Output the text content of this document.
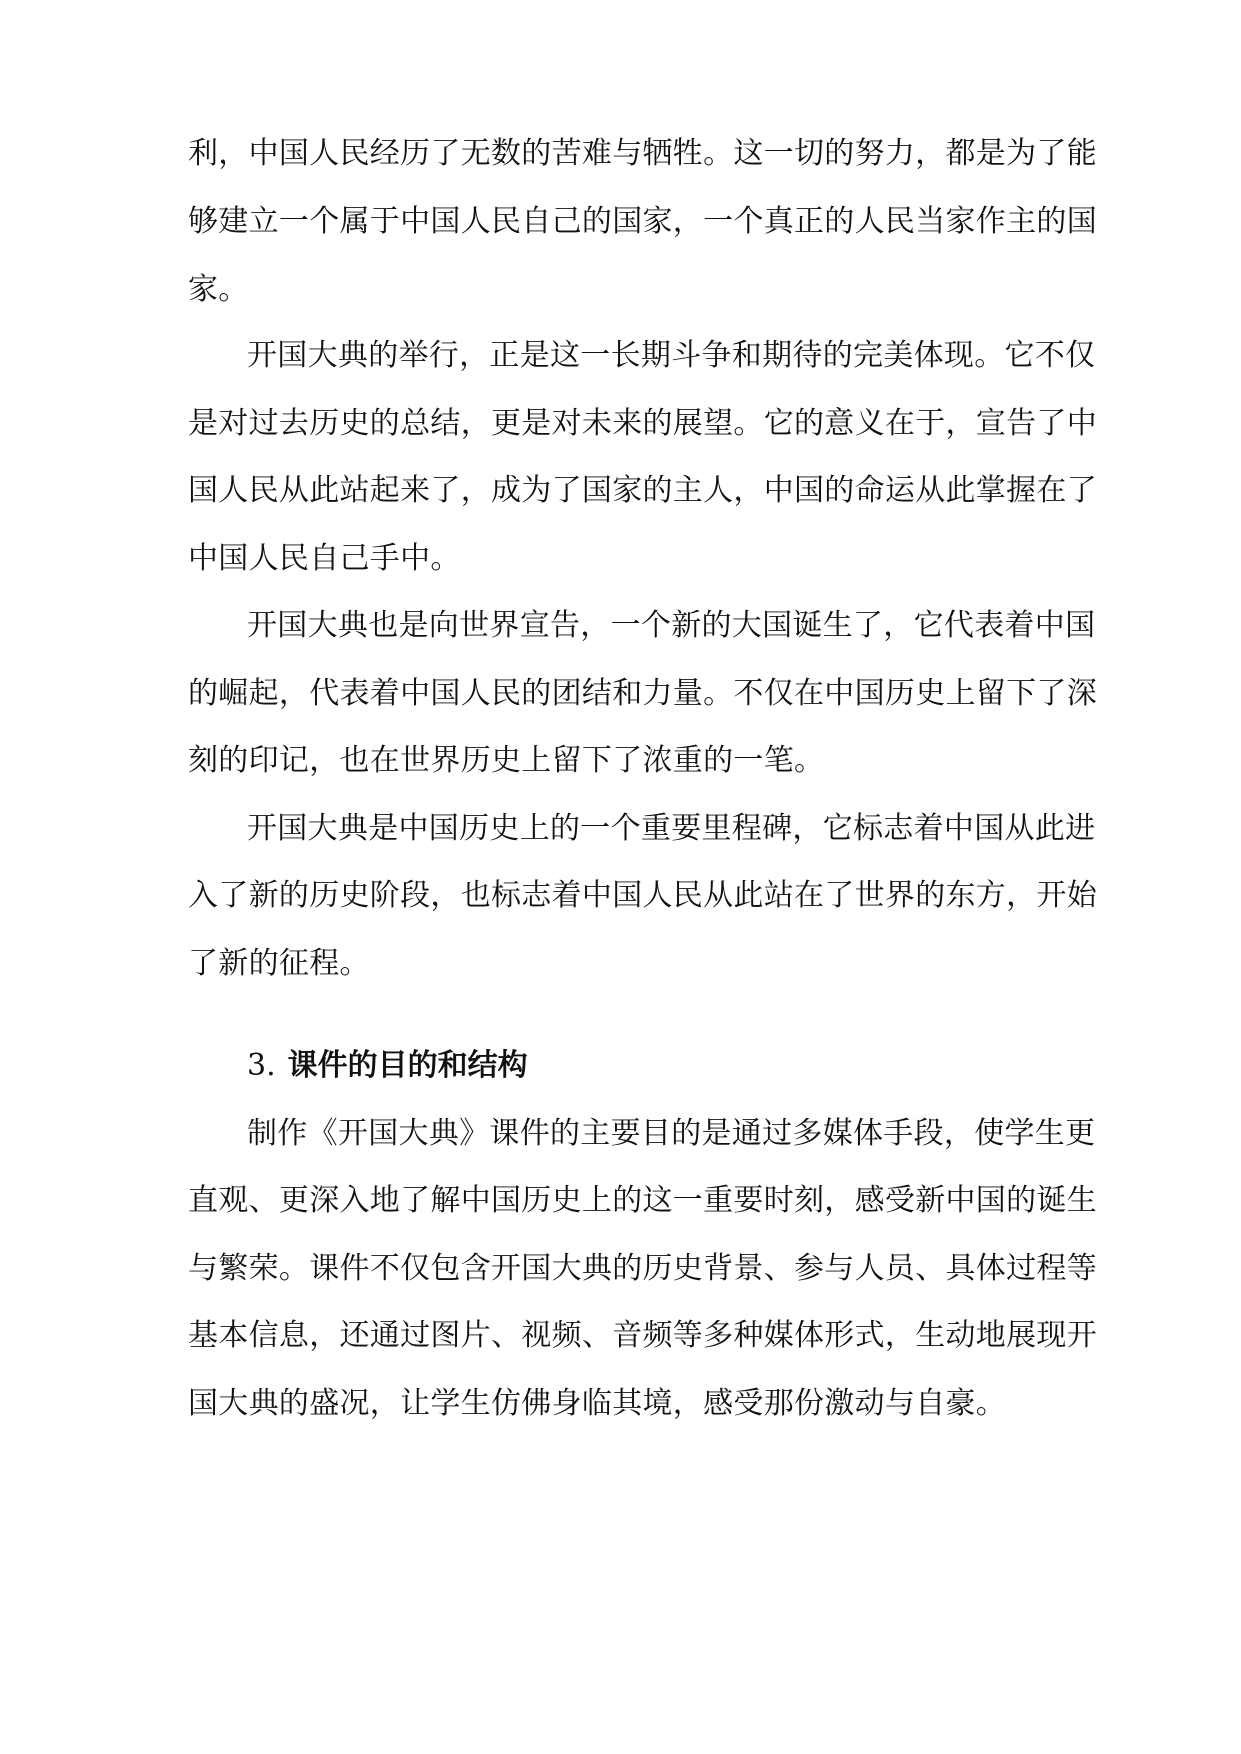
利，中国人民经历了无数的苦难与牺牲。这一切的努力，都是为了能
够建立一个属于中国人民自己的国家，一个真正的人民当家作主的国
家。
开国大典的举行，正是这一长期斗争和期待的完美体现。它不仅
是对过去历史的总结，更是对未来的展望。它的意义在于，宣告了中
国人民从此站起来了，成为了国家的主人，中国的命运从此掌握在了
中国人民自己手中。
开国大典也是向世界宣告，一个新的大国诞生了，它代表着中国
的崛起，代表着中国人民的团结和力量。不仅在中国历史上留下了深
刻的印记，也在世界历史上留下了浓重的一笔。
开国大典是中国历史上的一个重要里程碑，它标志着中国从此进
入了新的历史阶段，也标志着中国人民从此站在了世界的东方，开始
了新的征程。
3. 课件的目的和结构
制作《开国大典》课件的主要目的是通过多媒体手段，使学生更
直观、更深入地了解中国历史上的这一重要时刻，感受新中国的诞生
与繁荣。课件不仅包含开国大典的历史背景、参与人员、具体过程等
基本信息，还通过图片、视频、音频等多种媒体形式，生动地展现开
国大典的盛况，让学生仿佛身临其境，感受那份激动与自豪。
